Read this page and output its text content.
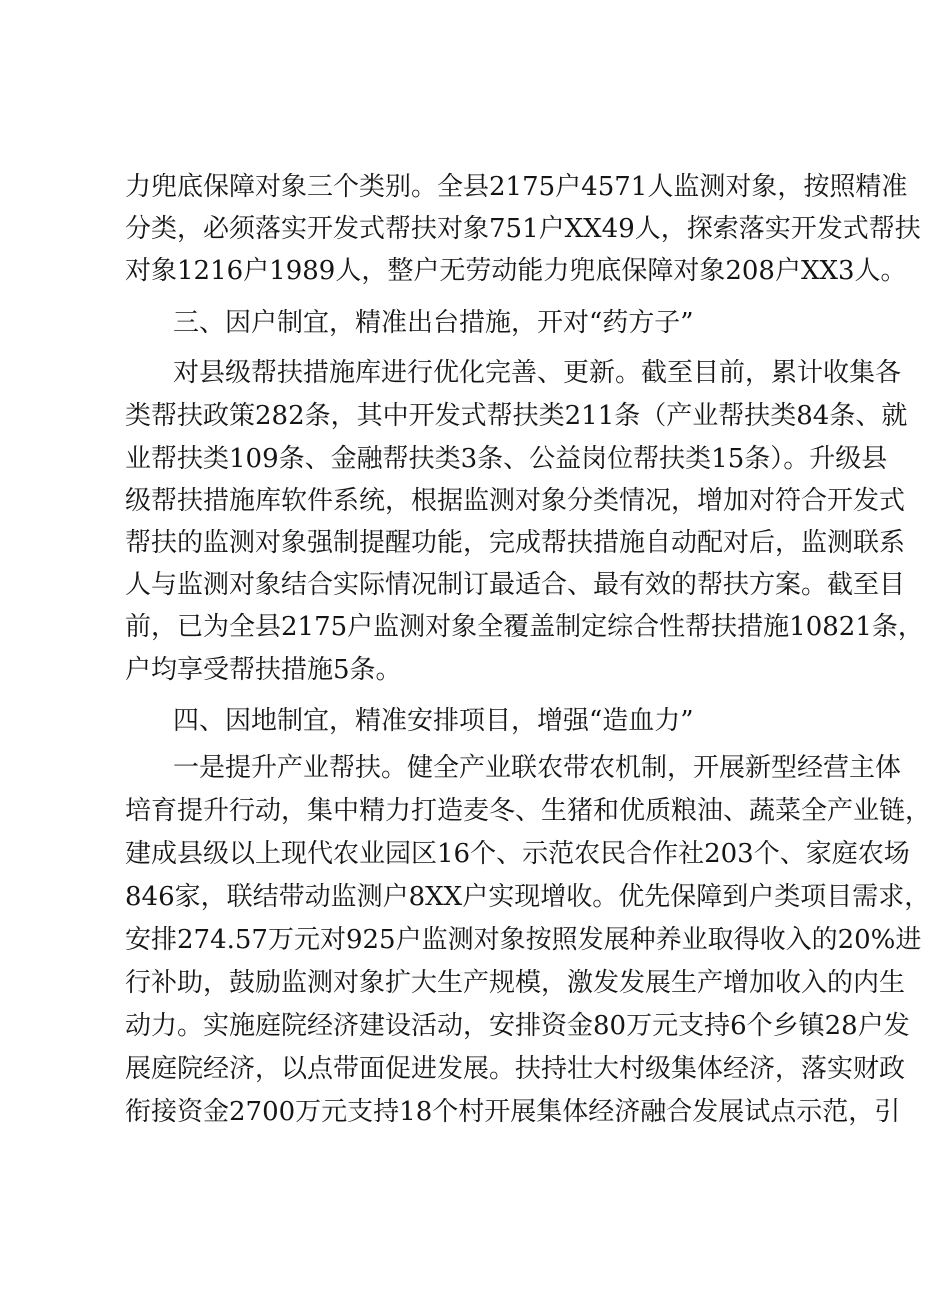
力兜底保障对象三个类别。全县2175户4571人监测对象，按照精准
分类，必须落实开发式帮扶对象751户XX49人，探索落实开发式帮扶
对象1216户1989人，整户无劳动能力兜底保障对象208户XX3人。
三、因户制宜，精准出台措施，开对“药方子”
对县级帮扶措施库进行优化完善、更新。截至目前，累计收集各
类帮扶政策282条，其中开发式帮扶类211条（产业帮扶类84条、就
业帮扶类109条、金融帮扶类3条、公益岗位帮扶类15条）。升级县
级帮扶措施库软件系统，根据监测对象分类情况，增加对符合开发式
帮扶的监测对象强制提醒功能，完成帮扶措施自动配对后，监测联系
人与监测对象结合实际情况制订最适合、最有效的帮扶方案。截至目
前，已为全县2175户监测对象全覆盖制定综合性帮扶措施10821条，
户均享受帮扶措施5条。
四、因地制宜，精准安排项目，增强“造血力”
一是提升产业帮扶。健全产业联农带农机制，开展新型经营主体
培育提升行动，集中精力打造麦冬、生猪和优质粮油、蔬菜全产业链，
建成县级以上现代农业园区16个、示范农民合作社203个、家庭农场
846家，联结带动监测户8XX户实现增收。优先保障到户类项目需求，
安排274.57万元对925户监测对象按照发展种养业取得收入的20%进
行补助，鼓励监测对象扩大生产规模，激发发展生产增加收入的内生
动力。实施庭院经济建设活动，安排资金80万元支持6个乡镇28户发
展庭院经济，以点带面促进发展。扶持壮大村级集体经济，落实财政
衔接资金2700万元支持18个村开展集体经济融合发展试点示范，引
